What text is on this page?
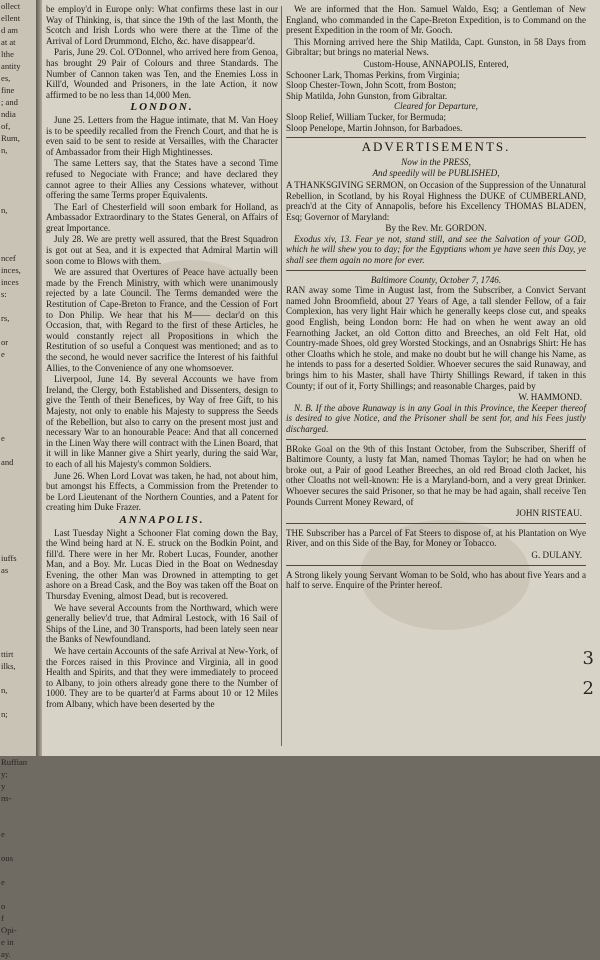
ollect
ellent
d am
at at
lthe
antity
es,
fine
; and
ndia
of,
Rum,
n,
n,
ncef
inces,
inces
s:
rs,
or
e
e
and
iuffs
as
ttirt
ilks,
n,
n;
Ruffian
y;
y
ns-
e
ous
e
o
f
Opi-
e in
ay.

be employ'd in Europe only: What confirms these last in our Way of Thinking, is, that since the 19th of the last Month, the Scotch and Irish Lords who were there at the Time of the Arrival of Lord Drummond, Elcho, &c. have disappear'd.

Paris, June 29. Col. O'Donnel, who arrived here from Genoa, has brought 29 Pair of Colours and three Standards. The Number of Cannon taken was Ten, and the Enemies Loss in Kill'd, Wounded and Prisoners, in the late Action, it now affirmed to be no less than 14,000 Men.

LONDON.

June 25. Letters from the Hague intimate, that M. Van Hoey is to be speedily recalled from the French Court, and that he is even said to be sent to reside at Versailles, with the Character of Ambassador from their High Mightinesses.

The same Letters say, that the States have a second Time refused to Negociate with France; and have declared they cannot agree to their Allies any Cessions whatever, without offering the same Terms proper Equivalents.

The Earl of Chesterfield will soon embark for Holland, as Ambassador Extraordinary to the States General, on Affairs of great Importance.

July 28. We are pretty well assured, that the Brest Squadron is got out at Sea, and it is expected that Admiral Martin will soon come to Blows with them.

We are assured that Overtures of Peace have actually been made by the French Ministry, with which were unanimously rejected by a late Council. The Terms demanded were the Restitution of Cape-Breton to France, and the Cession of Fort to Don Philip. We hear that his M—— declar'd on this Occasion, that, with Regard to the first of these Articles, he would constantly reject all Propositions in which the Restitution of so useful a Conquest was mentioned; and as to the second, he would never sacrifice the Interest of his faithful Allies, to the Convenience of any one whomsoever.

Liverpool, June 14. By several Accounts we have from Ireland, the Clergy, both Established and Dissenters, design to give the Tenth of their Benefices, by Way of free Gift, to his Majesty, not only to enable his Majesty to suppress the Seeds of the Rebellion, but also to carry on the present most just and necessary War to an honourable Peace: And that all concerned in the Linen Way there will contract with the Linen Board, that it will in like Manner give a Shirt yearly, during the said War, to each of all his Majesty's common Soldiers.

June 26. When Lord Lovat was taken, he had, not about him, but amongst his Effects, a Commission from the Pretender to be Lord Lieutenant of the Northern Counties, and a Patent for creating him Duke Frazer.

ANNAPOLIS.

Last Tuesday Night a Schooner Flat coming down the Bay, the Wind being hard at N. E. struck on the Bodkin Point, and fill'd. There were in her Mr. Robert Lucas, Founder, another Man, and a Boy. Mr. Lucas Died in the Boat on Wednesday Evening, the other Man was Drowned in attempting to get ashore on a Bread Cask, and the Boy was taken off the Boat on Thursday Evening, almost Dead, but is recovered.

We have several Accounts from the Northward, which were generally believ'd true, that Admiral Lestock, with 16 Sail of Ships of the Line, and 30 Transports, had been lately seen near the Banks of Newfoundland.

We have certain Accounts of the safe Arrival at New-York, of the Forces raised in this Province and Virginia, all in good Health and Spirits, and that they were immediately to proceed to Albany, to join others already gone there to the Number of 1000. They are to be quarter'd at Farms about 10 or 12 Miles from Albany, which have been deserted by the

We are informed that the Hon. Samuel Waldo, Esq; a Gentleman of New England, who commanded in the Cape-Breton Expedition, is to Command on the present Expedition in the room of Mr. Gooch.

This Morning arrived here the Ship Matilda, Capt. Gunston, in 58 Days from Gibraltar; but brings no material News.

Custom-House, ANNAPOLIS, Entered,
Schooner Lark, Thomas Perkins, from Virginia;
Sloop Chester-Town, John Scott, from Boston;
Ship Matilda, John Gunston, from Gibraltar.
Cleared for Departure,
Sloop Relief, William Tucker, for Bermuda;
Sloop Penelope, Martin Johnson, for Barbadoes.
ADVERTISEMENTS.
Now in the PRESS,
And speedily will be PUBLISHED,

A THANKSGIVING SERMON, on Occasion of the Suppression of the Unnatural Rebellion, in Scotland, by his Royal Highness the DUKE of CUMBERLAND, preach'd at the City of Annapolis, before his Excellency THOMAS BLADEN, Esq; Governor of Maryland:

By the Rev. Mr. GORDON.

Exodus xiv, 13. Fear ye not, stand still, and see the Salvation of your GOD, which he will shew you to day; for the Egyptians whom ye have seen this Day, ye shall see them again no more for ever.

Baltimore County, October 7, 1746.

RAN away some Time in August last, from the Subscriber, a Convict Servant named John Broomfield, about 27 Years of Age, a tall slender Fellow, of a fair Complexion, has very light Hair which he generally keeps close cut, and speaks good English, being London born: He had on when he went away an old Fearnothing Jacket, an old Cotton ditto and Breeches, an old Felt Hat, old Country-made Shoes, old grey Worsted Stockings, and an Osnabrigs Shirt: He has other Cloaths which he stole, and make no doubt but he will change his Name, as he intends to pass for a deserted Soldier. Whoever secures the said Runaway, and brings him to his Master, shall have Thirty Shillings Reward, if taken in this County; if out of it, Forty Shillings; and reasonable Charges, paid by

W. HAMMOND.

N. B. If the above Runaway is in any Goal in this Province, the Keeper thereof is desired to give Notice, and the Prisoner shall be sent for, and his Fees justly discharged.

BRoke Goal on the 9th of this Instant October, from the Subscriber, Sheriff of Baltimore County, a lusty fat Man, named Thomas Taylor; he had on when he broke out, a Pair of good Leather Breeches, an old red Broad cloth Jacket, his other Cloaths not well-known: He is a Maryland-born, and a very great Drinker. Whoever secures the said Prisoner, so that he may be had again, shall receive Ten Pounds Current Money Reward, of

JOHN RISTEAU.

THE Subscriber has a Parcel of Fat Steers to dispose of, at his Plantation on Wye River, and on this Side of the Bay, for Money or Tobacco.

G. DULANY.

A Strong likely young Servant Woman to be Sold, who has about five Years and a half to serve. Enquire of the Printer hereof.

3
2
